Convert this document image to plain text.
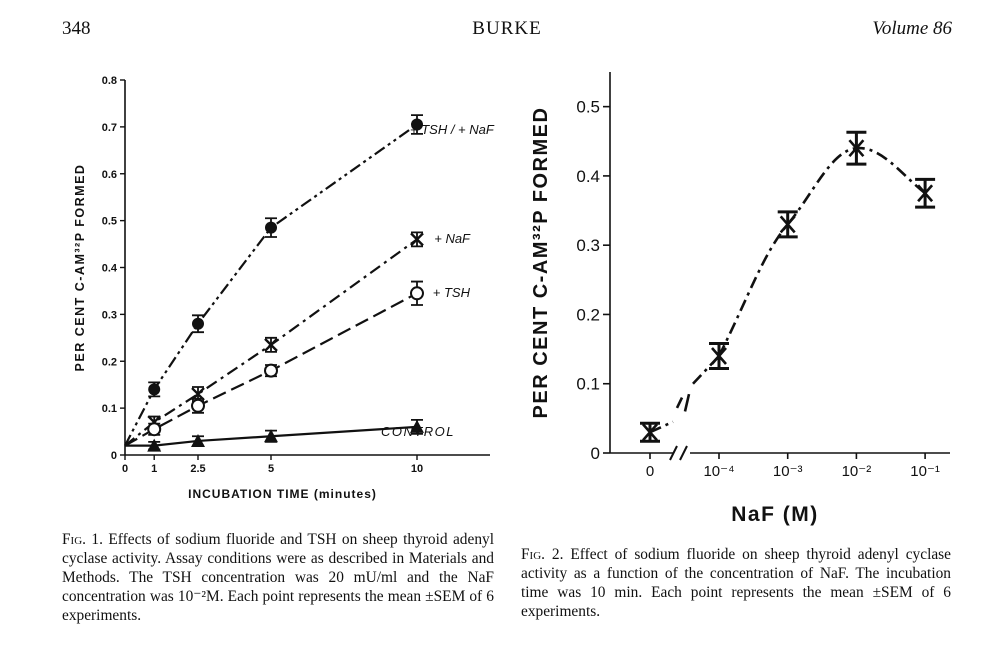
348	BURKE	Volume 86
0
0.1
0.2
0.3
0.4
0.5
0.6
0.7
0.8
0 1	2.5	5	10
INCUBATION TIME (minutes)
PER CENT C-AM³²P FORMED
+ TSH / + NaF
+ NaF
+ TSH
CONTROL
0
0.1
0.2
0.3
0.4
0.5
0	10⁻⁴	10⁻³	10⁻²	10⁻¹
NaF (M)
PER CENT C-AM³²P FORMED
Fig. 1. Effects of sodium fluoride and TSH on sheep thyroid adenyl cyclase activity. Assay conditions were as described in Materials and Methods. The TSH concentration was 20 mU/ml and the NaF concentration was 10⁻²M. Each point represents the mean ±SEM of 6 experiments.
Fig. 2. Effect of sodium fluoride on sheep thyroid adenyl cyclase activity as a function of the concentration of NaF. The incubation time was 10 min. Each point represents the mean ±SEM of 6 experiments.
